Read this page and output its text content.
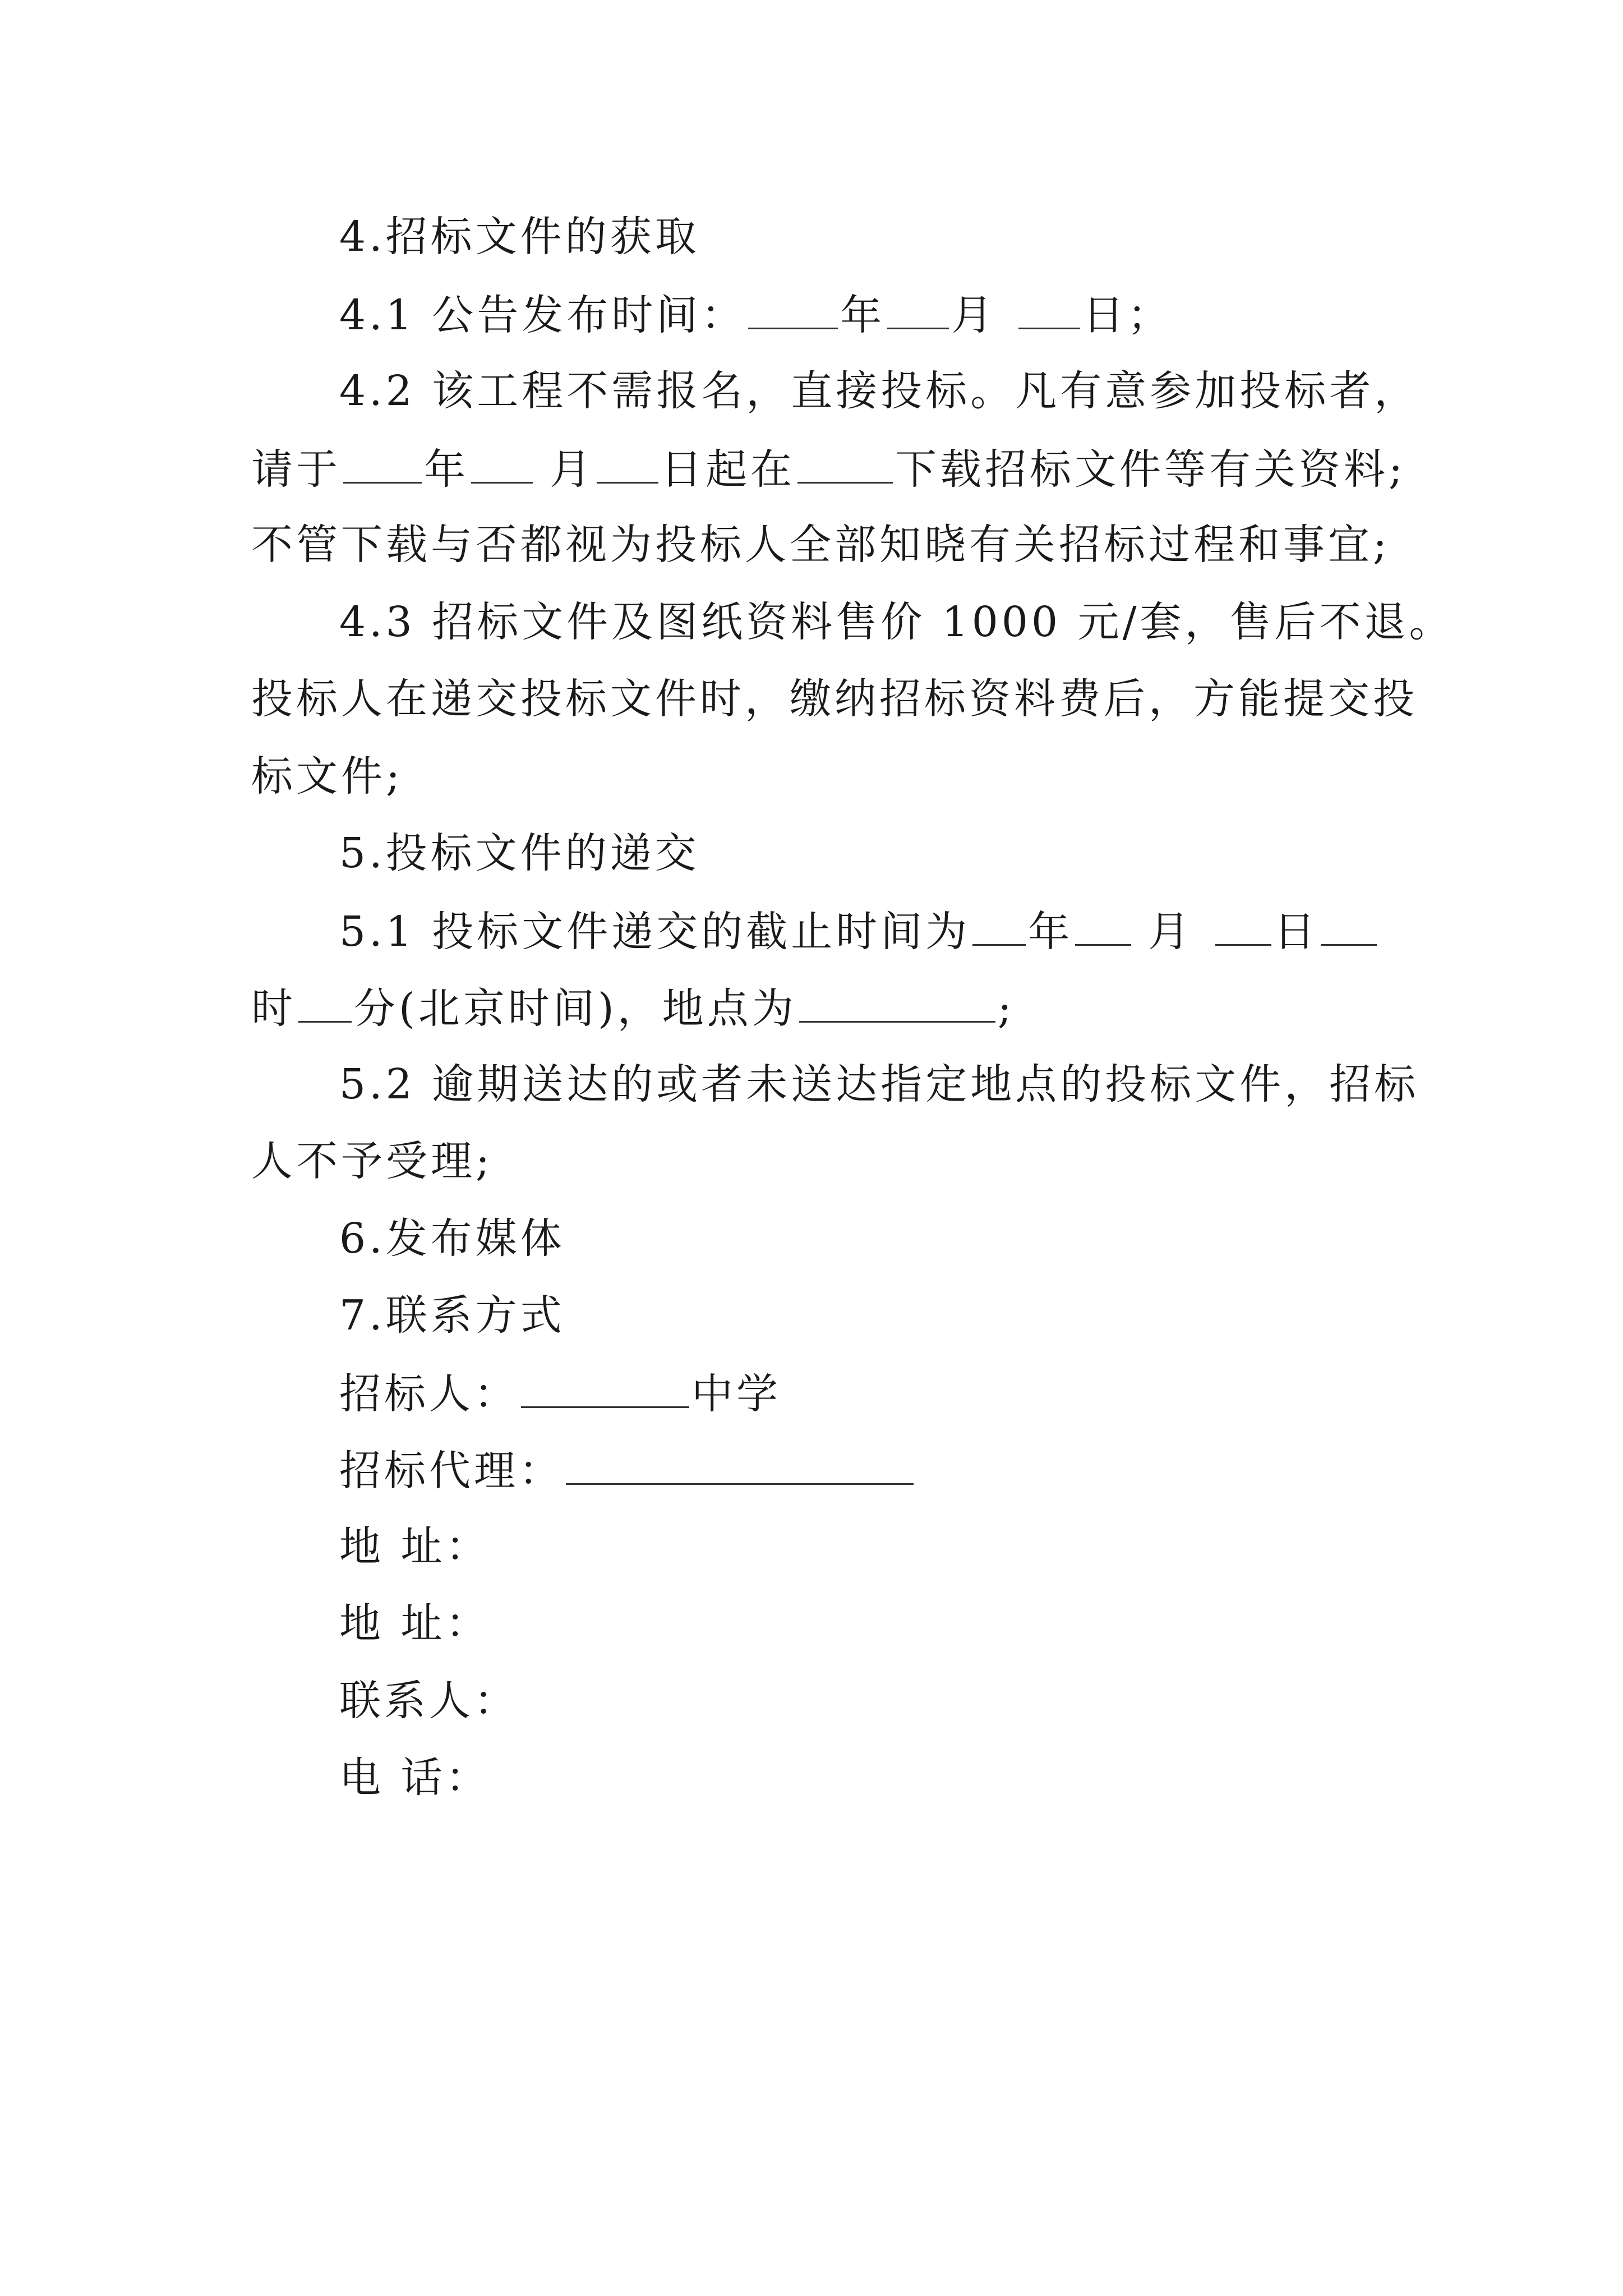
4.招标文件的获取
4.1 公告发布时间： 年 月 日；
4.2 该工程不需报名，直接投标。凡有意参加投标者，
请于 年 月 日起在 下载招标文件等有关资料;
不管下载与否都视为投标人全部知晓有关招标过程和事宜;
4.3 招标文件及图纸资料售价 1000 元/套，售后不退。
投标人在递交投标文件时，缴纳招标资料费后，方能提交投
标文件;
5.投标文件的递交
5.1 投标文件递交的截止时间为 年 月 日
时 分(北京时间)，地点为	;
5.2 逾期送达的或者未送达指定地点的投标文件，招标
人不予受理;
6.发布媒体
7.联系方式
招标人：	中学
招标代理：
地 址：
地 址：
联系人：
电 话：
